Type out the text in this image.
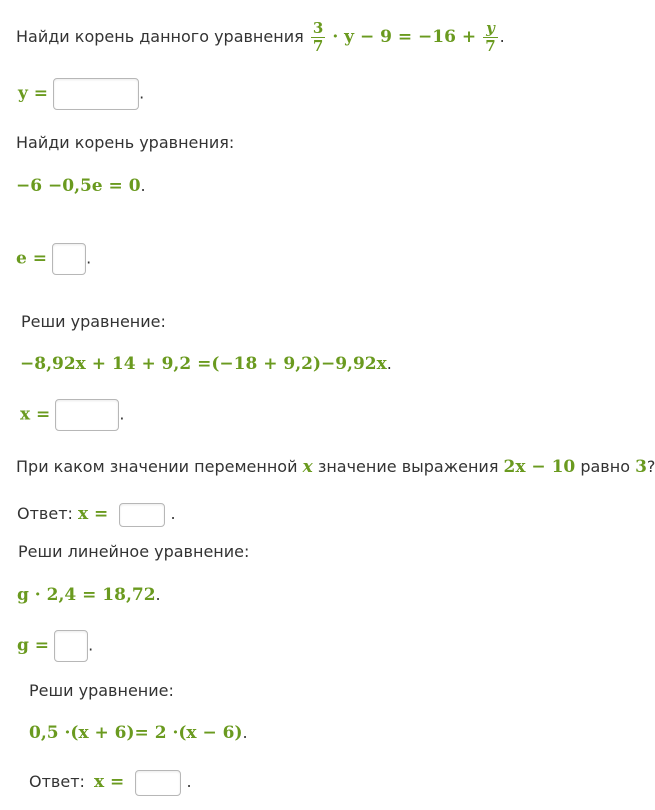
Найди корень данного уравнения $\frac{3}{7} \cdot y - 9 = -16 + \frac{y}{7}$ .
y =	.
Найди корень уравнения:
−6 −0,5e = 0.
e = .
Реши уравнение:
−8,92x + 14 + 9,2 =(−18 + 9,2)−9,92x.
x =	.
При каком значении переменной x значение выражения 2x − 10 равно 3?
Ответ: x =	.
Реши линейное уравнение:
g · 2,4 = 18,72.
g = .
Реши уравнение:
0,5 ·(x + 6)= 2 ·(x − 6).
Ответ: x =	.
